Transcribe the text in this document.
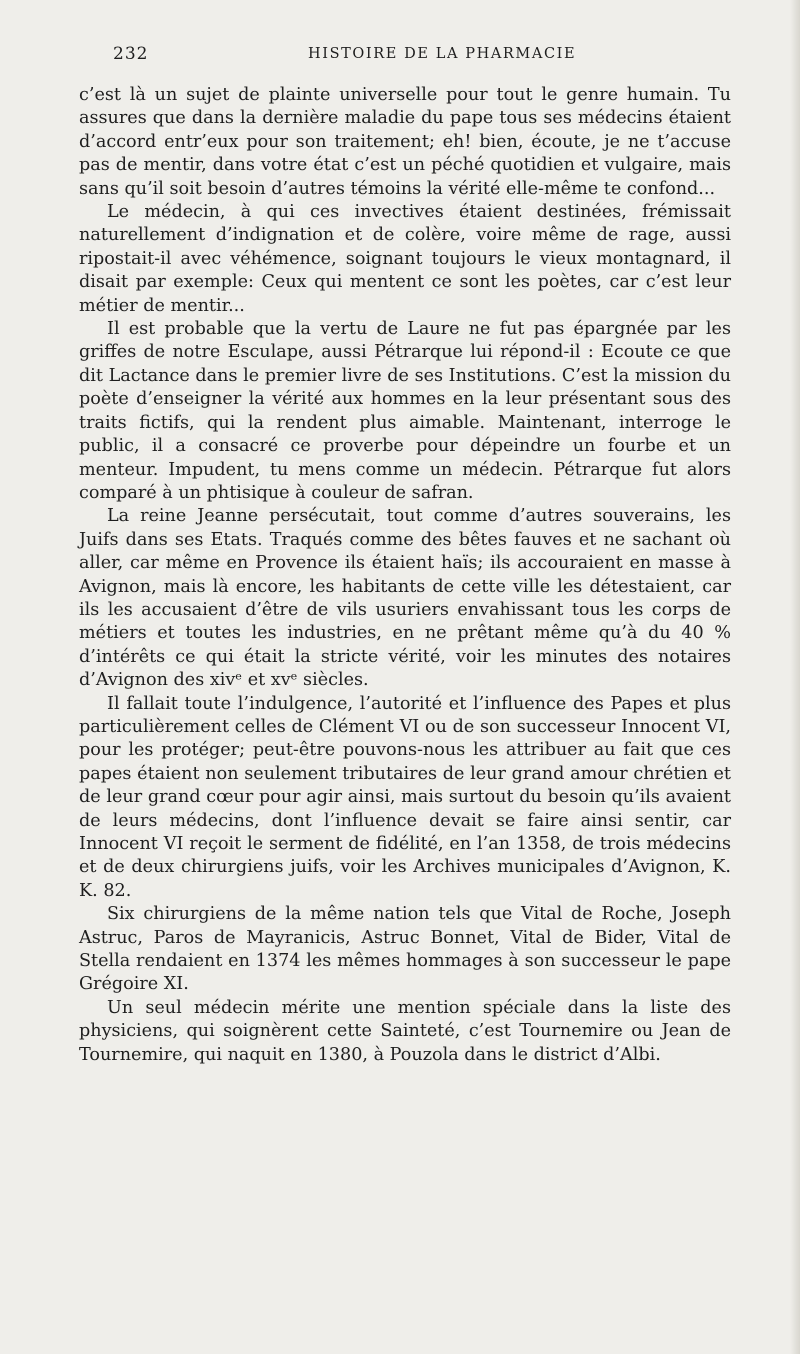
232	HISTOIRE DE LA PHARMACIE

c’est là un sujet de plainte universelle pour tout le genre humain. Tu assures que dans la dernière maladie du pape tous ses médecins étaient d’accord entr’eux pour son traitement; eh! bien, écoute, je ne t’accuse pas de mentir, dans votre état c’est un péché quotidien et vulgaire, mais sans qu’il soit besoin d’autres témoins la vérité elle-même te confond...

Le médecin, à qui ces invectives étaient destinées, frémissait naturellement d’indignation et de colère, voire même de rage, aussi ripostait-il avec véhémence, soignant toujours le vieux montagnard, il disait par exemple: Ceux qui mentent ce sont les poètes, car c’est leur métier de mentir...

Il est probable que la vertu de Laure ne fut pas épargnée par les griffes de notre Esculape, aussi Pétrarque lui répond-il : Ecoute ce que dit Lactance dans le premier livre de ses Institutions. C’est la mission du poète d’enseigner la vérité aux hommes en la leur présentant sous des traits fictifs, qui la rendent plus aimable. Maintenant, interroge le public, il a consacré ce proverbe pour dépeindre un fourbe et un menteur. Impudent, tu mens comme un médecin. Pétrarque fut alors comparé à un phtisique à couleur de safran.

La reine Jeanne persécutait, tout comme d’autres souverains, les Juifs dans ses Etats. Traqués comme des bêtes fauves et ne sachant où aller, car même en Provence ils étaient haïs; ils accouraient en masse à Avignon, mais là encore, les habitants de cette ville les détestaient, car ils les accusaient d’être de vils usuriers envahissant tous les corps de métiers et toutes les industries, en ne prêtant même qu’à du 40 % d’intérêts ce qui était la stricte vérité, voir les minutes des notaires d’Avignon des xivᵉ et xvᵉ siècles.

Il fallait toute l’indulgence, l’autorité et l’influence des Papes et plus particulièrement celles de Clément VI ou de son successeur Innocent VI, pour les protéger; peut-être pouvons-nous les attribuer au fait que ces papes étaient non seulement tributaires de leur grand amour chrétien et de leur grand cœur pour agir ainsi, mais surtout du besoin qu’ils avaient de leurs médecins, dont l’influence devait se faire ainsi sentir, car Innocent VI reçoit le serment de fidélité, en l’an 1358, de trois médecins et de deux chirurgiens juifs, voir les Archives municipales d’Avignon, K. K. 82.

Six chirurgiens de la même nation tels que Vital de Roche, Joseph Astruc, Paros de Mayranicis, Astruc Bonnet, Vital de Bider, Vital de Stella rendaient en 1374 les mêmes hommages à son successeur le pape Grégoire XI.

Un seul médecin mérite une mention spéciale dans la liste des physiciens, qui soignèrent cette Sainteté, c’est Tournemire ou Jean de Tournemire, qui naquit en 1380, à Pouzola dans le district d’Albi.
